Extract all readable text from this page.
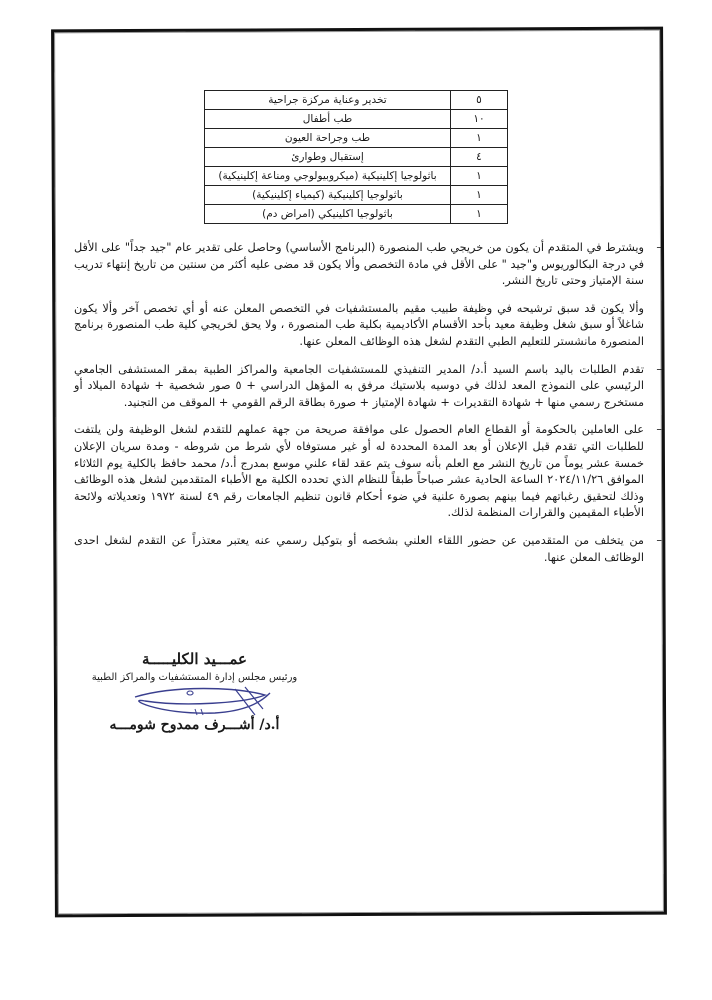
٥	تخدير وعناية مركزة جراحية
١٠	طب أطفال
١	طب وجراحة العيون
٤	إستقبال وطوارئ
١	باثولوجيا إكلينيكية (ميكروبيولوجي ومناعة إكلينيكية)
١	باثولوجيا إكلينيكية (كيمياء إكلينيكية)
١	باثولوجيا اكلينيكي (امراض دم)
–
ويشترط في المتقدم أن يكون من خريجي طب المنصورة (البرنامج الأساسي) وحاصل على تقدير عام "جيد جداً" على الأقل في درجة البكالوريوس و"جيد " على الأقل في مادة التخصص وألا يكون قد مضى عليه أكثر من سنتين من تاريخ إنتهاء تدريب سنة الإمتياز وحتى تاريخ النشر.
وألا يكون قد سبق ترشيحه في وظيفة طبيب مقيم بالمستشفيات في التخصص المعلن عنه أو أي تخصص آخر وألا يكون شاغلاً أو سبق شغل وظيفة معيد بأحد الأقسام الأكاديمية بكلية طب المنصورة ، ولا يحق لخريجي كلية طب المنصورة برنامج المنصورة مانشستر للتعليم الطبي التقدم لشغل هذه الوظائف المعلن عنها.
–
تقدم الطلبات باليد باسم السيد أ.د/ المدير التنفيذي للمستشفيات الجامعية والمراكز الطبية بمقر المستشفى الجامعي الرئيسي على النموذج المعد لذلك في دوسيه بلاستيك مرفق به المؤهل الدراسي + ٥ صور شخصية + شهادة الميلاد أو مستخرج رسمي منها + شهادة التقديرات + شهادة الإمتياز + صورة بطاقة الرقم القومي + الموقف من التجنيد.
–
على العاملين بالحكومة أو القطاع العام الحصول على موافقة صريحة من جهة عملهم للتقدم لشغل الوظيفة ولن يلتفت للطلبات التي تقدم قبل الإعلان أو بعد المدة المحددة له أو غير مستوفاه لأي شرط من شروطه - ومدة سريان الإعلان خمسة عشر يوماً من تاريخ النشر مع العلم بأنه سوف يتم عقد لقاء علني موسع بمدرج أ.د/ محمد حافظ بالكلية يوم الثلاثاء الموافق ٢٠٢٤/١١/٢٦ الساعة الحادية عشر صباحاً طبقاً للنظام الذي تحدده الكلية مع الأطباء المتقدمين لشغل هذه الوظائف وذلك لتحقيق رغباتهم فيما بينهم بصورة علنية في ضوء أحكام قانون تنظيم الجامعات رقم ٤٩ لسنة ١٩٧٢ وتعديلاته ولائحة الأطباء المقيمين والقرارات المنظمة لذلك.
–
من يتخلف من المتقدمين عن حضور اللقاء العلني بشخصه أو بتوكيل رسمي عنه يعتبر معتذراً عن التقدم لشغل احدى الوظائف المعلن عنها.
عمـــيد الكليـــــة
ورئيس مجلس إدارة المستشفيات والمراكز الطبية
أ.د/ أشـــرف ممدوح شومـــه
